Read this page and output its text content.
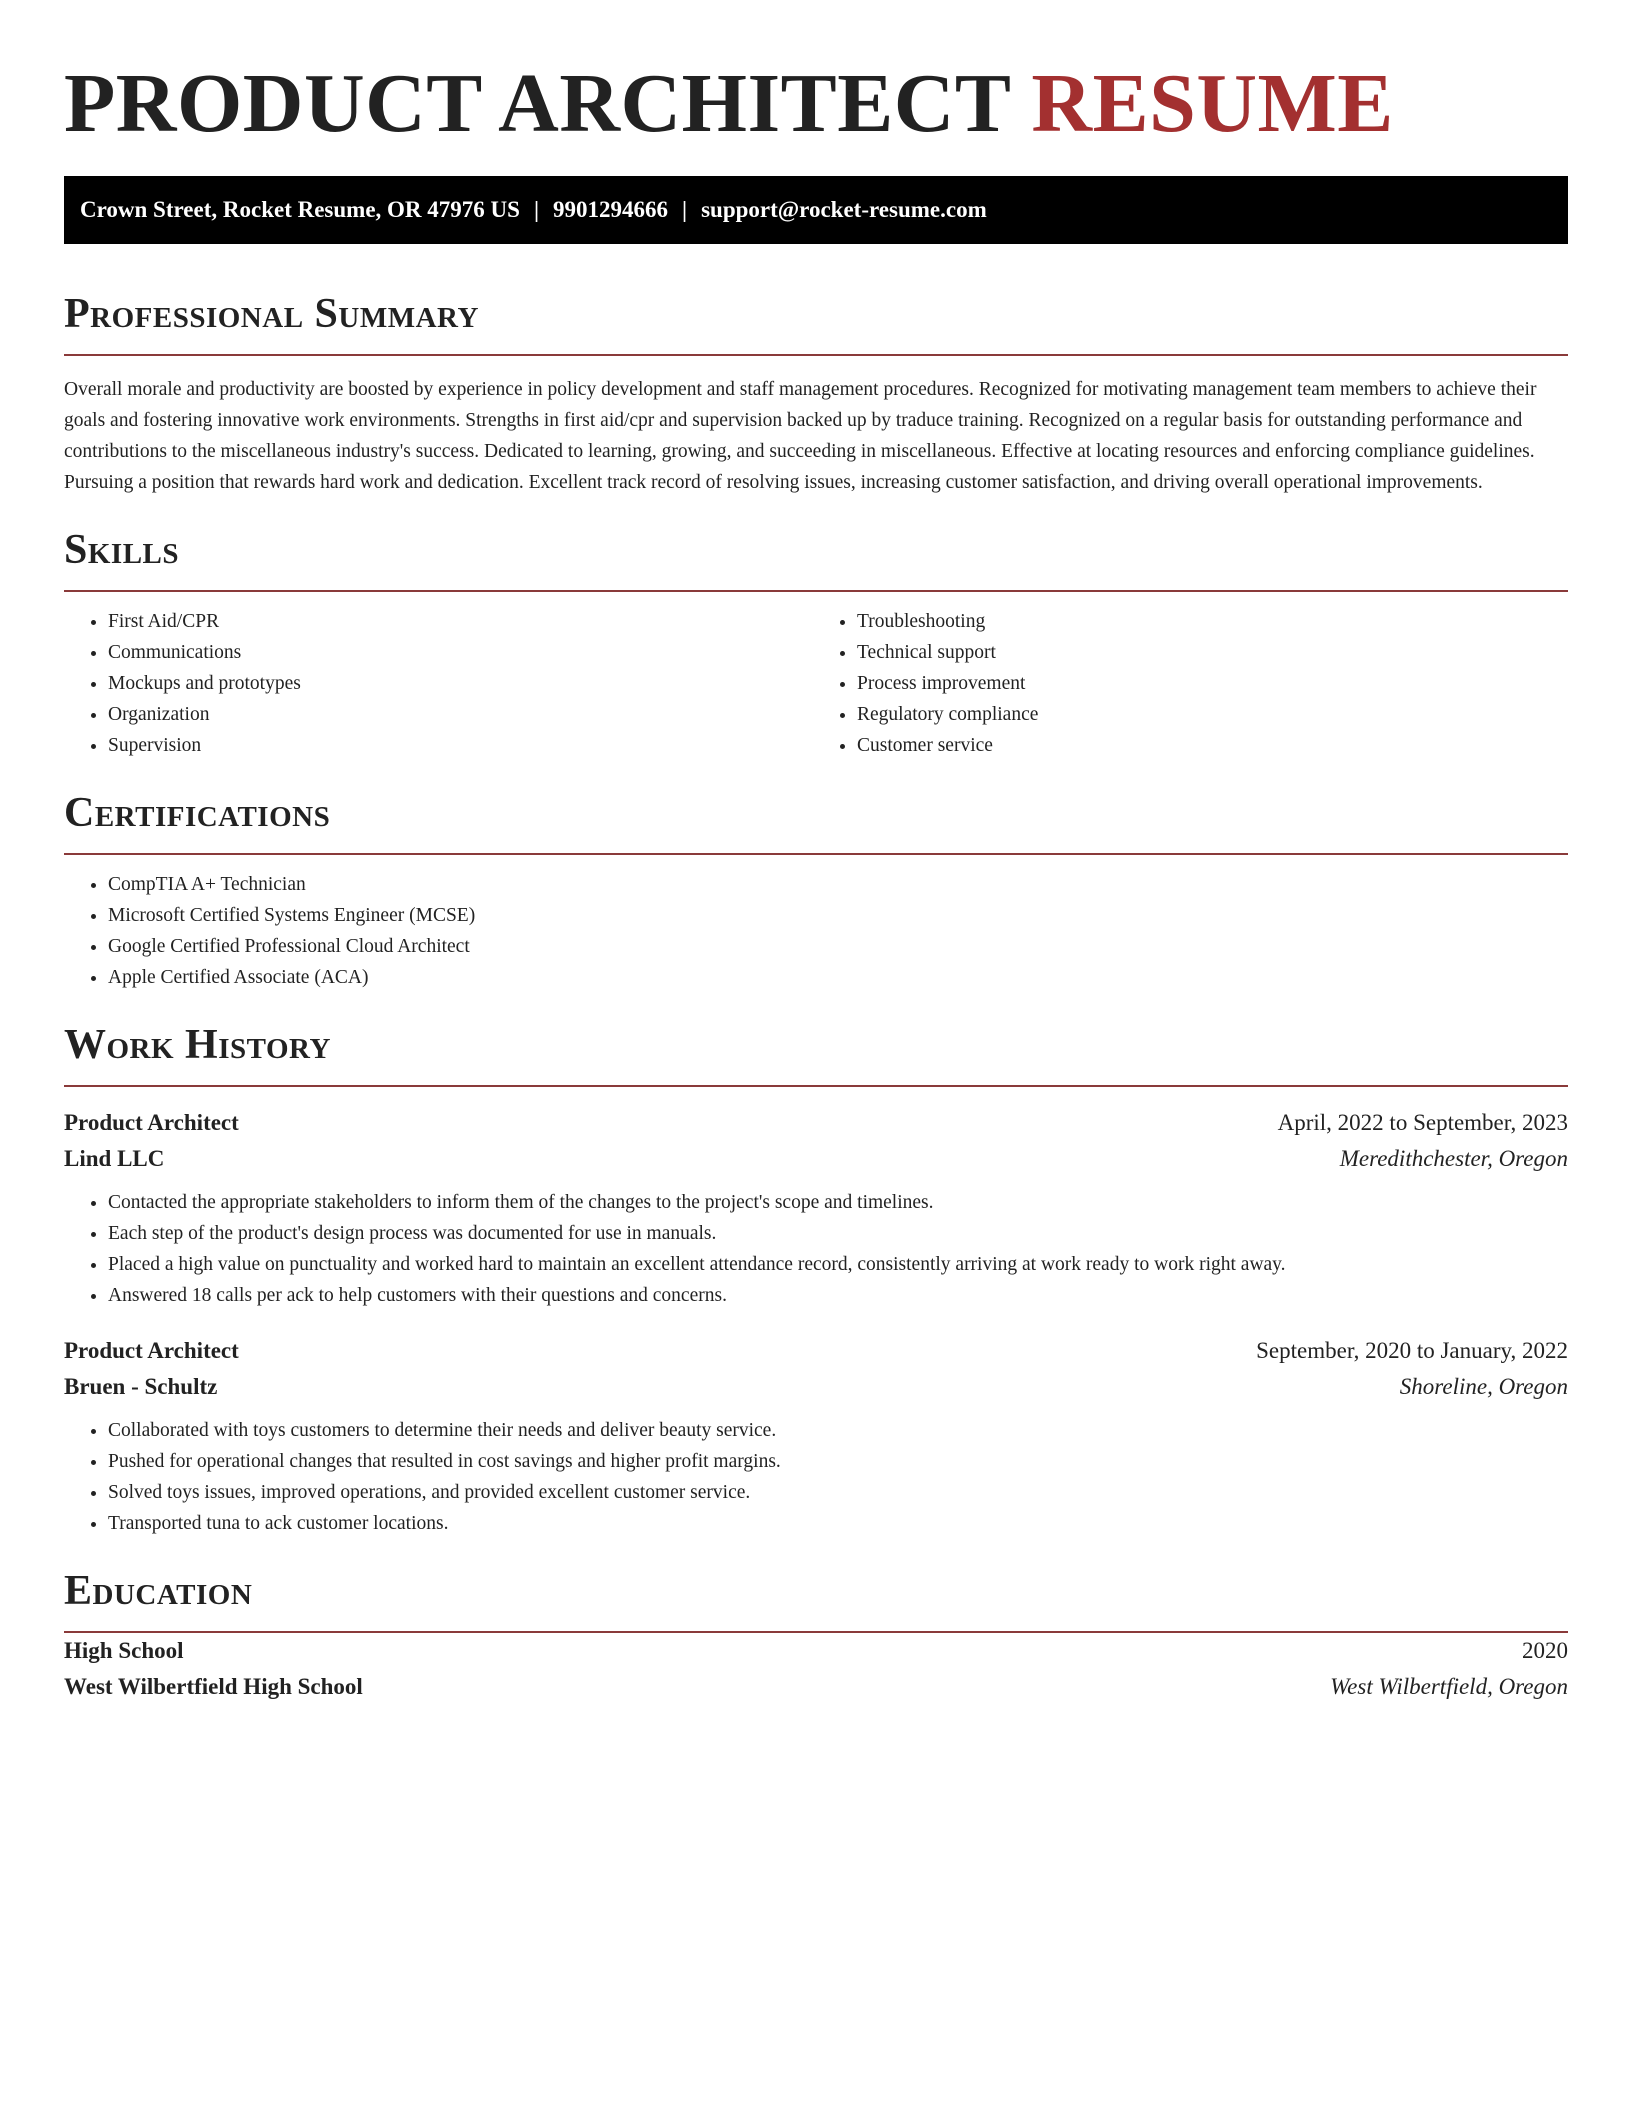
PRODUCT ARCHITECT RESUME
Crown Street, Rocket Resume, OR 47976 US | 9901294666 | support@rocket-resume.com
Professional Summary

Overall morale and productivity are boosted by experience in policy development and staff management procedures. Recognized for motivating management team members to achieve their goals and fostering innovative work environments. Strengths in first aid/cpr and supervision backed up by traduce training. Recognized on a regular basis for outstanding performance and contributions to the miscellaneous industry's success. Dedicated to learning, growing, and succeeding in miscellaneous. Effective at locating resources and enforcing compliance guidelines. Pursuing a position that rewards hard work and dedication. Excellent track record of resolving issues, increasing customer satisfaction, and driving overall operational improvements.

Skills
• First Aid/CPR
• Communications
• Mockups and prototypes
• Organization
• Supervision
• Troubleshooting
• Technical support
• Process improvement
• Regulatory compliance
• Customer service
Certifications
• CompTIA A+ Technician
• Microsoft Certified Systems Engineer (MCSE)
• Google Certified Professional Cloud Architect
• Apple Certified Associate (ACA)
Work History
Product Architect	April, 2022 to September, 2023
Lind LLC	Meredithchester, Oregon
• Contacted the appropriate stakeholders to inform them of the changes to the project's scope and timelines.
• Each step of the product's design process was documented for use in manuals.
• Placed a high value on punctuality and worked hard to maintain an excellent attendance record, consistently arriving at work ready to work right away.
• Answered 18 calls per ack to help customers with their questions and concerns.
Product Architect	September, 2020 to January, 2022
Bruen - Schultz	Shoreline, Oregon
• Collaborated with toys customers to determine their needs and deliver beauty service.
• Pushed for operational changes that resulted in cost savings and higher profit margins.
• Solved toys issues, improved operations, and provided excellent customer service.
• Transported tuna to ack customer locations.
Education
High School	2020
West Wilbertfield High School	West Wilbertfield, Oregon
